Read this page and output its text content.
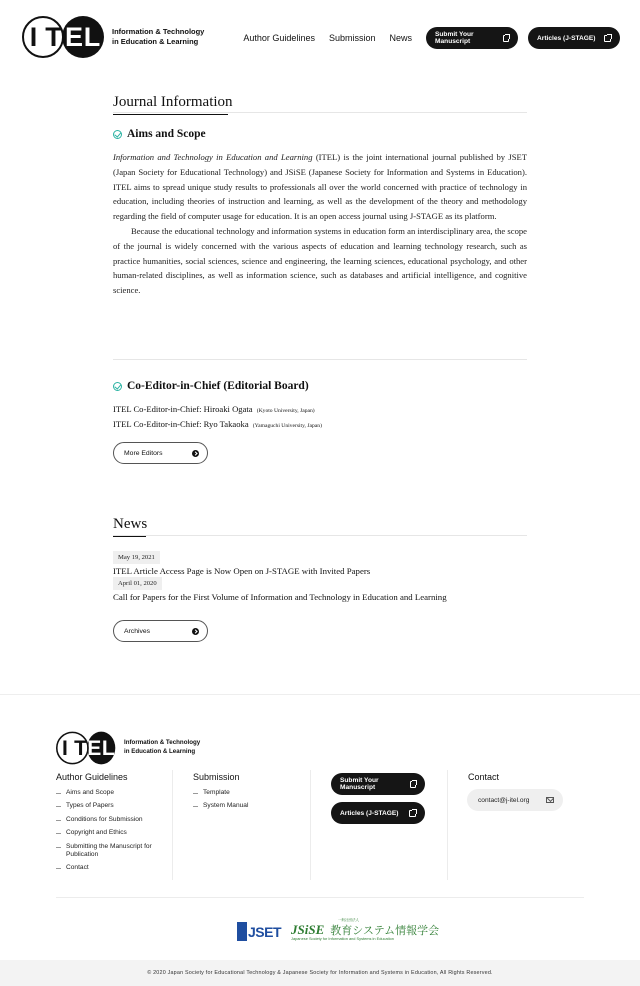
I T E L Information & Technology
in Education & Learning	Author Guidelines Submission News	Submit Your Manuscript	Articles (J-STAGE)
Journal Information
Aims and Scope
Information and Technology in Education and Learning (ITEL) is the joint international journal published by JSET (Japan Society for Educational Technology) and JSiSE (Japanese Society for Information and Systems in Education). ITEL aims to spread unique study results to professionals all over the world concerned with practice of technology in education, including theories of instruction and learning, as well as the development of the theory and methodology regarding the field of computer usage for education. It is an open access journal using J-STAGE as its platform.
Because the educational technology and information systems in education form an interdisciplinary area, the scope of the journal is widely concerned with the various aspects of education and learning technology research, such as practice humanities, social sciences, science and engineering, the learning sciences, educational psychology, and other human-related disciplines, as well as information science, such as databases and artificial intelligence, and cognitive science.
Co-Editor-in-Chief (Editorial Board)
ITEL Co-Editor-in-Chief: Hiroaki Ogata (Kyoto University, Japan)
ITEL Co-Editor-in-Chief: Ryo Takaoka (Yamaguchi University, Japan)
More Editors
News
May 19, 2021
ITEL Article Access Page is Now Open on J-STAGE with Invited Papers
April 01, 2020
Call for Papers for the First Volume of Information and Technology in Education and Learning
Archives
I T E L Information & Technology
in Education & Learning
Author Guidelines
Aims and Scope
Types of Papers
Conditions for Submission
Copyright and Ethics
Submitting the Manuscript for Publication
Contact
Submission
Template
System Manual
Submit Your Manuscript
Articles (J-STAGE)
Contact
contact@j-itel.org
JSET
一般社団法人
JSiSE 教育システム情報学会
Japanese Society for Information and Systems in Education
© 2020 Japan Society for Educational Technology & Japanese Society for Information and Systems in Education, All Rights Reserved.
